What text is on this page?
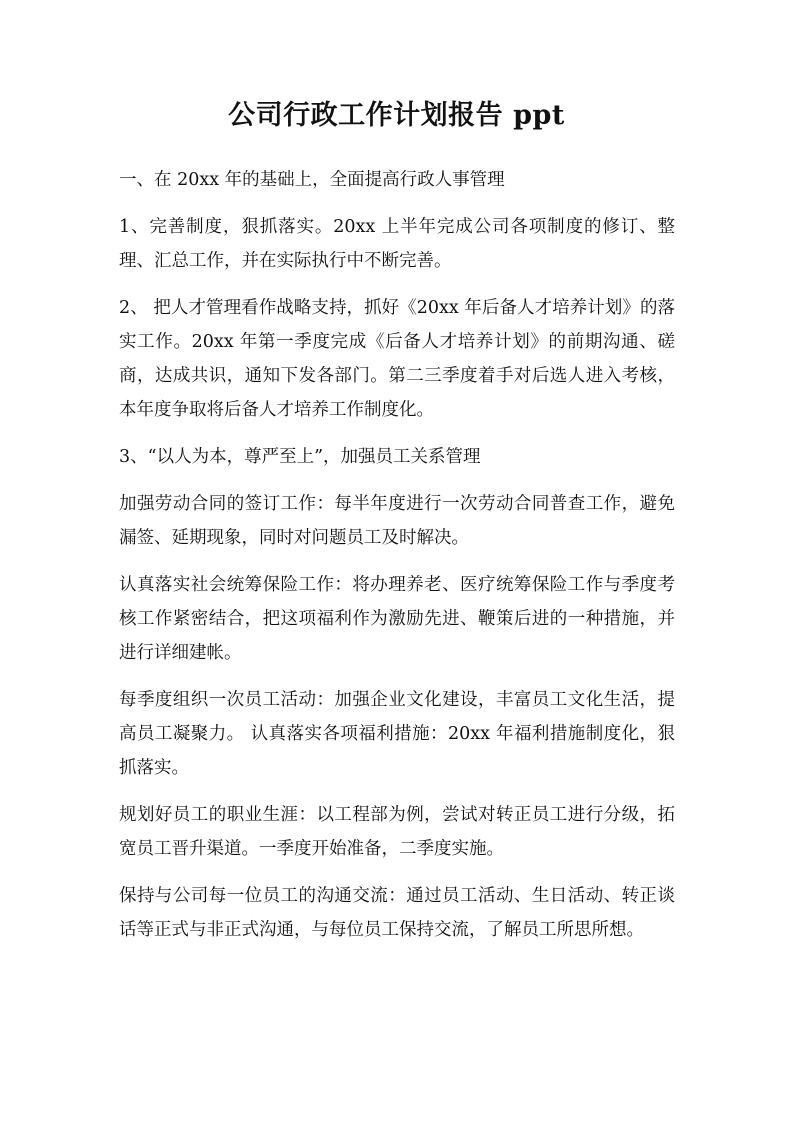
公司行政工作计划报告 ppt

一、在 20xx 年的基础上，全面提高行政人事管理

1、完善制度，狠抓落实。20xx 上半年完成公司各项制度的修订、整理、汇总工作，并在实际执行中不断完善。

2、 把人才管理看作战略支持，抓好《20xx 年后备人才培养计划》的落实工作。20xx 年第一季度完成《后备人才培养计划》的前期沟通、磋商，达成共识，通知下发各部门。第二三季度着手对后选人进入考核，本年度争取将后备人才培养工作制度化。

3、“以人为本，尊严至上”，加强员工关系管理

加强劳动合同的签订工作：每半年度进行一次劳动合同普查工作，避免漏签、延期现象，同时对问题员工及时解决。

认真落实社会统筹保险工作：将办理养老、医疗统筹保险工作与季度考核工作紧密结合，把这项福利作为激励先进、鞭策后进的一种措施，并进行详细建帐。

每季度组织一次员工活动：加强企业文化建设，丰富员工文化生活，提高员工凝聚力。 认真落实各项福利措施：20xx 年福利措施制度化，狠抓落实。

规划好员工的职业生涯：以工程部为例，尝试对转正员工进行分级，拓宽员工晋升渠道。一季度开始准备，二季度实施。

保持与公司每一位员工的沟通交流：通过员工活动、生日活动、转正谈话等正式与非正式沟通，与每位员工保持交流，了解员工所思所想。
